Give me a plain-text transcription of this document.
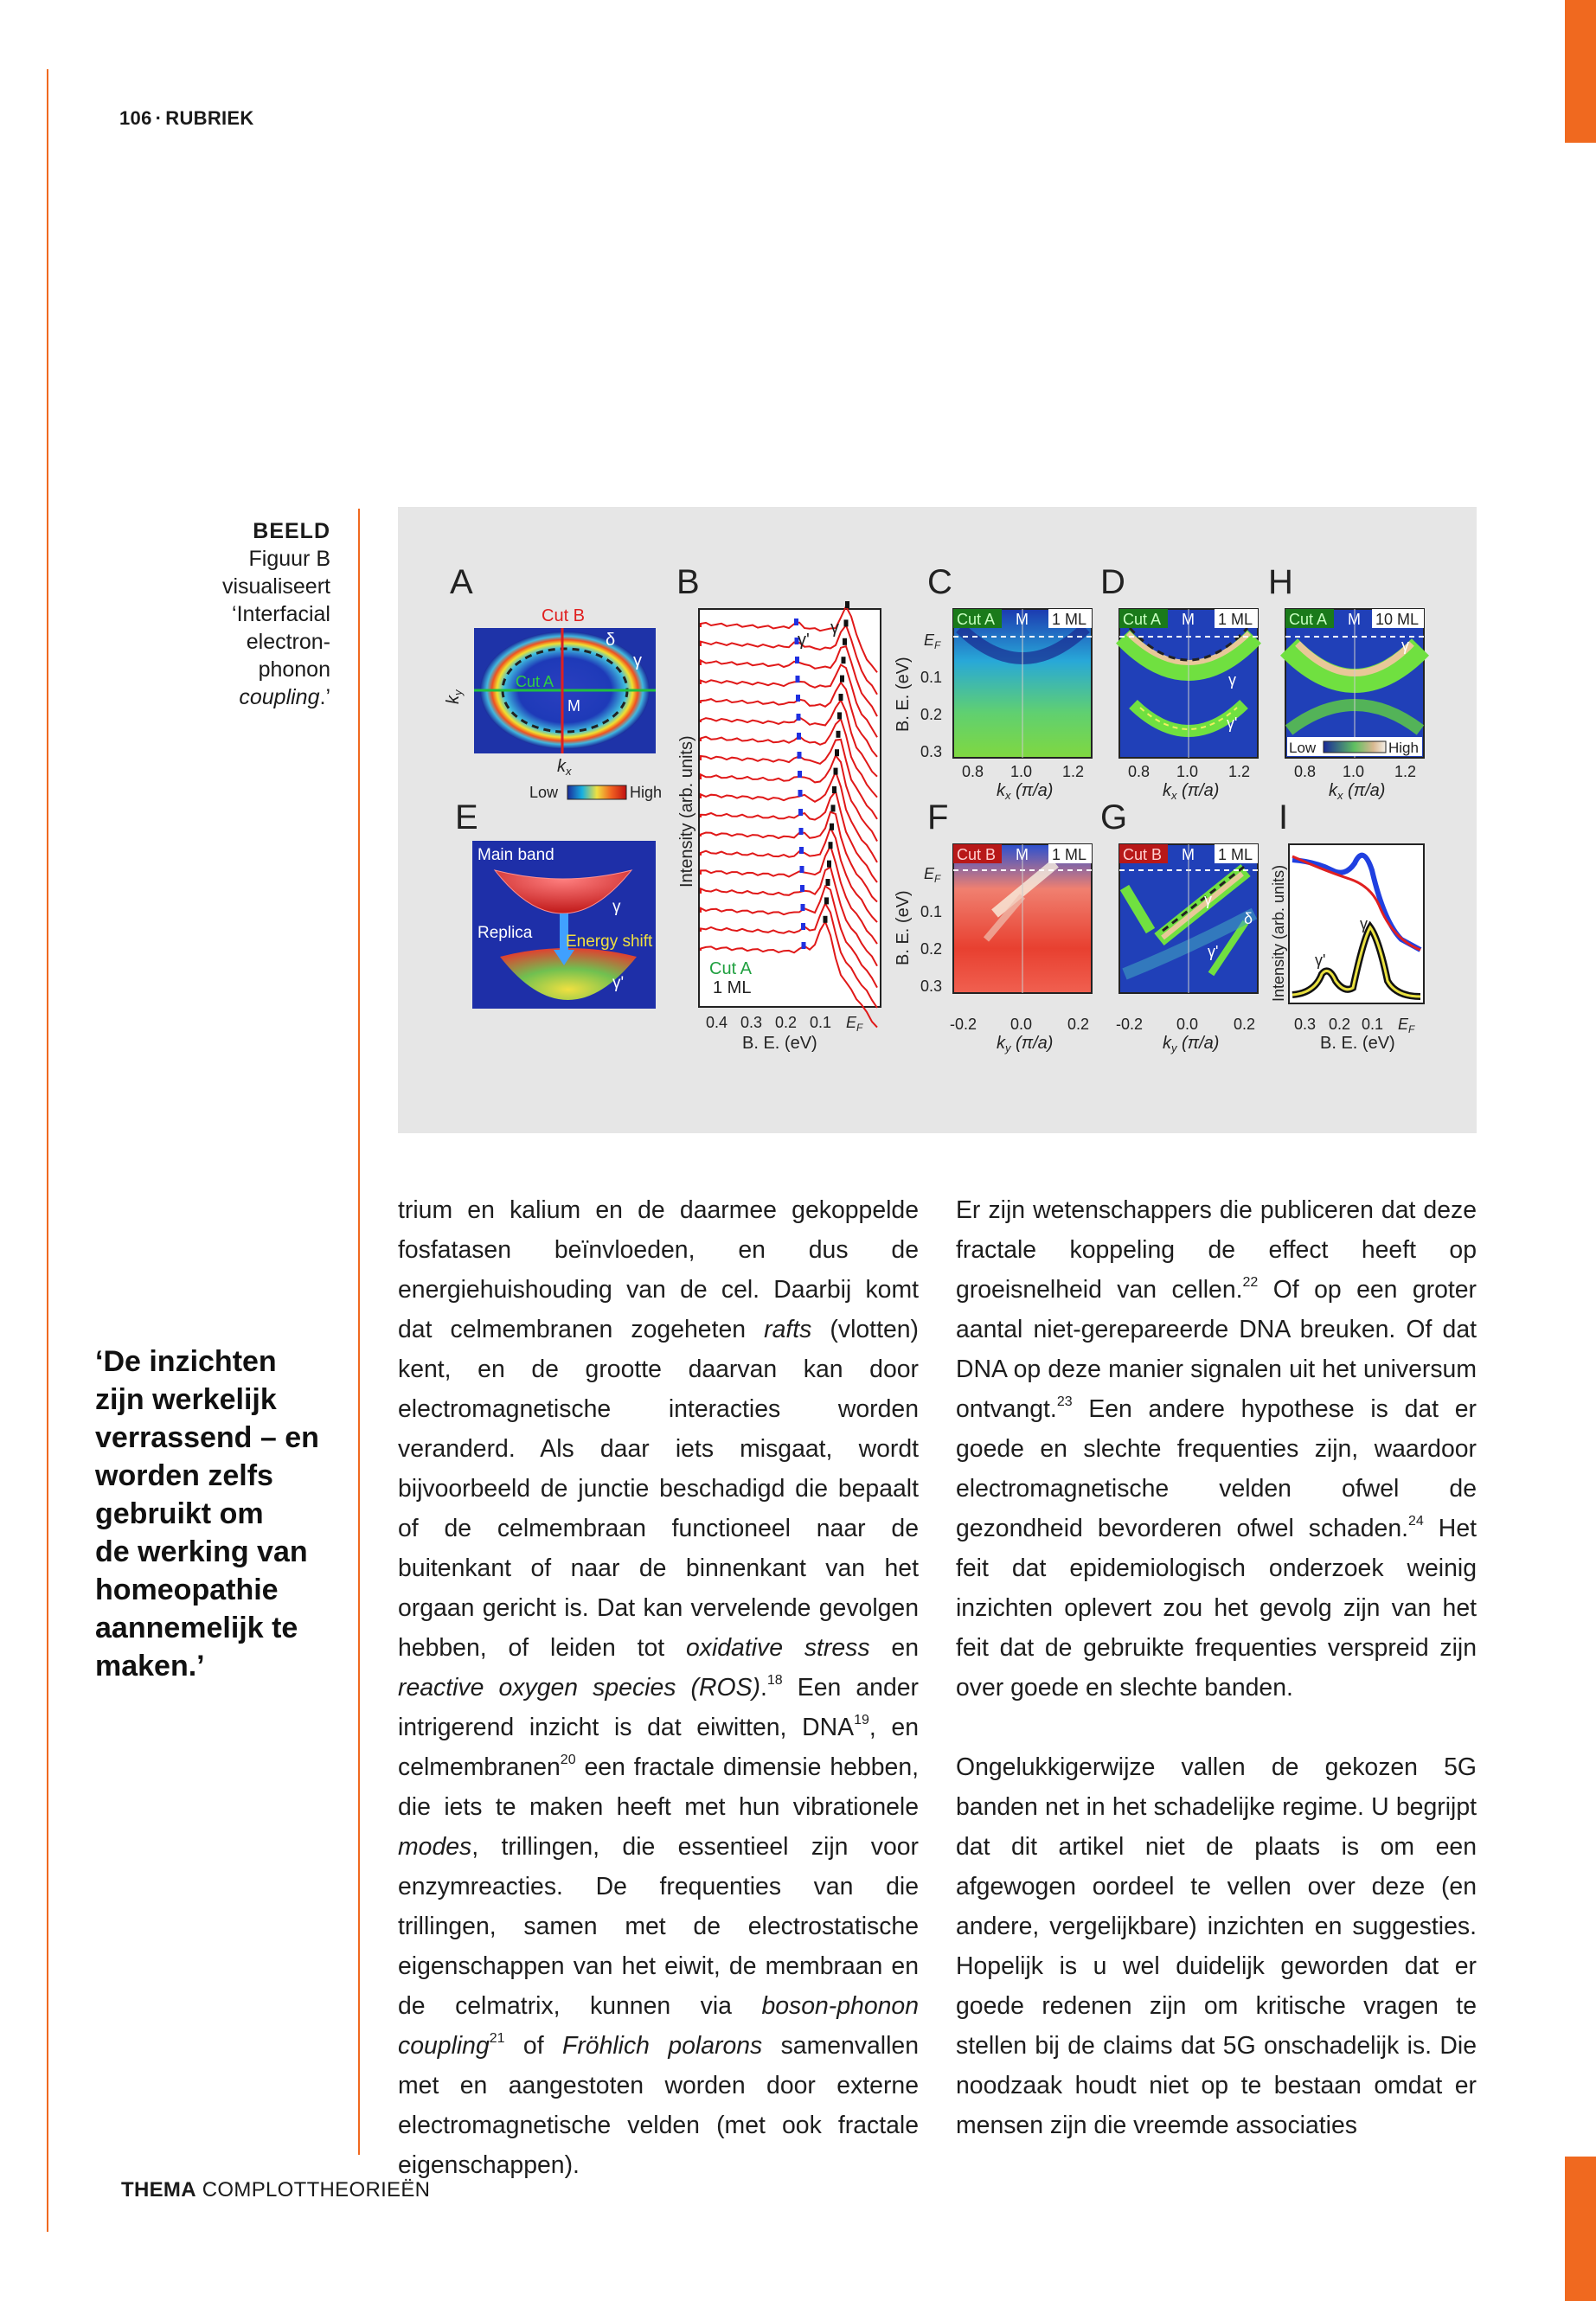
106 · RUBRIEK
BEELD
Figuur B
visualiseert
‘Interfacial
electron-
phonon
coupling.’
A	B	C	D	H
E	F	G	I
Cut B
Cut A
M
δ
γ
$k_y$
$k_x$
Low	High Intensity (arb. units)
γ
γ'
Cut A
1 ML
0.4 0.3 0.2 0.1 $E_F$
B. E. (eV)
Cut A M 1 ML
$E_F$
0.1
0.2
0.3
B. E. (eV)
0.8 1.0 1.2
$k_x$ (π/a)
Cut A M 1 ML
γ
γ'
0.8 1.0 1.2
$k_x$ (π/a)
Cut A M 10 ML
γ
Low	High
0.8 1.0 1.2
$k_x$ (π/a)
Main band
Replica Energy shift
γ
γ'
Cut B M 1 ML
$E_F$
0.1
0.2
0.3
B. E. (eV)
-0.2 0.0 0.2
$k_y$ (π/a)
Cut B M 1 ML
γ
δ
γ'
-0.2 0.0 0.2
$k_y$ (π/a)
Intensity (arb. units)	γ
γ'
0.3 0.2 0.1 $E_F$
B. E. (eV)
‘De inzichten
zijn werkelijk
verrassend – en
worden zelfs
gebruikt om
de werking van
homeopathie
aannemelijk te
maken.’

trium en kalium en de daarmee gekoppelde fosfatasen beïnvloeden, en dus de energiehuishouding van de cel. Daarbij komt dat celmembranen zogeheten rafts (vlotten) kent, en de grootte daarvan kan door electromagnetische interacties worden veranderd. Als daar iets misgaat, wordt bijvoorbeeld de junctie beschadigd die bepaalt of de celmembraan functioneel naar de buitenkant of naar de binnenkant van het orgaan gericht is. Dat kan vervelende gevolgen hebben, of leiden tot oxidative stress en reactive oxygen species (ROS).$^{18}$ Een ander intrigerend inzicht is dat eiwitten, DNA$^{19}$, en celmembranen$^{20}$ een fractale dimensie hebben, die iets te maken heeft met hun vibrationele modes, trillingen, die essentieel zijn voor enzymreacties. De frequenties van die trillingen, samen met de electrostatische eigenschappen van het eiwit, de membraan en de celmatrix, kunnen via boson-phonon coupling$^{21}$ of Fröhlich polarons samenvallen met en aangestoten worden door externe electromagnetische velden (met ook fractale eigenschappen).

Er zijn wetenschappers die publiceren dat deze fractale koppeling de effect heeft op groeisnelheid van cellen.$^{22}$ Of op een groter aantal niet-gerepareerde DNA breuken. Of dat DNA op deze manier signalen uit het universum ontvangt.$^{23}$ Een andere hypothese is dat er goede en slechte frequenties zijn, waardoor electromagnetische velden ofwel de gezondheid bevorderen ofwel schaden.$^{24}$ Het feit dat epidemiologisch onderzoek weinig inzichten oplevert zou het gevolg zijn van het feit dat de gebruikte frequenties verspreid zijn over goede en slechte banden.

Ongelukkigerwijze vallen de gekozen 5G banden net in het schadelijke regime. U begrijpt dat dit artikel niet de plaats is om een afgewogen oordeel te vellen over deze (en andere, vergelijkbare) inzichten en suggesties. Hopelijk is u wel duidelijk geworden dat er goede redenen zijn om kritische vragen te stellen bij de claims dat 5G onschadelijk is. Die noodzaak houdt niet op te bestaan omdat er mensen zijn die vreemde associaties

THEMA COMPLOTTHEORIEËN
